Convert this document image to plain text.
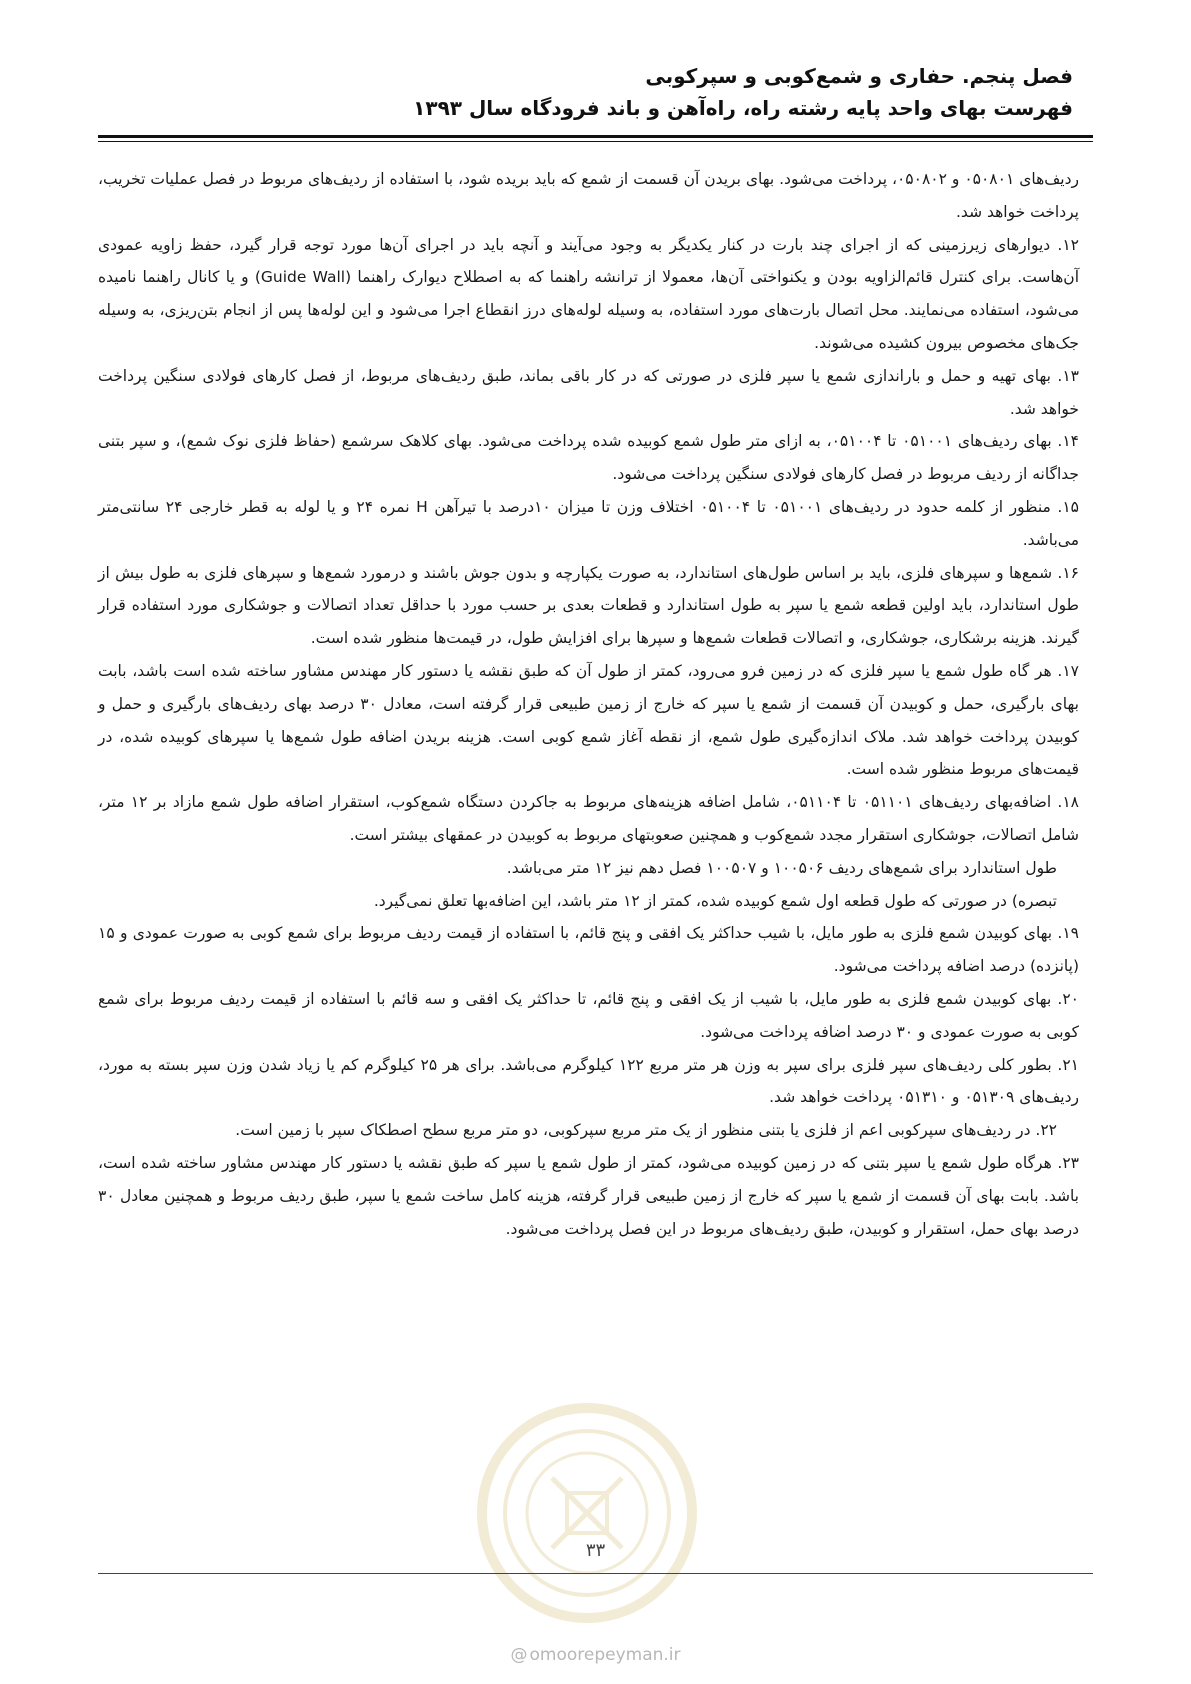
فصل پنجم. حفاری و شمع‌کوبی و سپرکوبی
فهرست بهای واحد پایه رشته راه، راه‌آهن و باند فرودگاه سال ۱۳۹۳

ردیف‌های ۰۵۰۸۰۱ و ۰۵۰۸۰۲، پرداخت می‌شود. بهای بریدن آن قسمت از شمع که باید بریده شود، با استفاده از ردیف‌های مربوط در فصل عملیات تخریب، پرداخت خواهد شد.

۱۲. دیوارهای زیرزمینی که از اجرای چند بارت در کنار یکدیگر به وجود می‌آیند و آنچه باید در اجرای آن‌ها مورد توجه قرار گیرد، حفظ زاویه عمودی آن‌هاست. برای کنترل قائم‌الزاویه بودن و یکنواختی آن‌ها، معمولا از ترانشه راهنما که به اصطلاح دیوارک راهنما (Guide Wall) و یا کانال راهنما نامیده می‌شود، استفاده می‌نمایند. محل اتصال بارت‌های مورد استفاده، به وسیله لوله‌های درز انقطاع اجرا می‌شود و این لوله‌ها پس از انجام بتن‌ریزی، به وسیله جک‌های مخصوص بیرون کشیده می‌شوند.

۱۳. بهای تهیه و حمل و باراندازی شمع یا سپر فلزی در صورتی که در کار باقی بماند، طبق ردیف‌های مربوط، از فصل کارهای فولادی سنگین پرداخت خواهد شد.

۱۴. بهای ردیف‌های ۰۵۱۰۰۱ تا ۰۵۱۰۰۴، به ازای متر طول شمع کوبیده شده پرداخت می‌شود. بهای کلاهک سرشمع (حفاظ فلزی نوک شمع)، و سپر بتنی جداگانه از ردیف مربوط در فصل کارهای فولادی سنگین پرداخت می‌شود.

۱۵. منظور از کلمه حدود در ردیف‌های ۰۵۱۰۰۱ تا ۰۵۱۰۰۴ اختلاف وزن تا میزان ۱۰درصد با تیرآهن H نمره ۲۴ و یا لوله به قطر خارجی ۲۴ سانتی‌متر می‌باشد.

۱۶. شمع‌ها و سپرهای فلزی، باید بر اساس طول‌های استاندارد، به صورت یکپارچه و بدون جوش باشند و درمورد شمع‌ها و سپرهای فلزی به طول بیش از طول استاندارد، باید اولین قطعه شمع یا سپر به طول استاندارد و قطعات بعدی بر حسب مورد با حداقل تعداد اتصالات و جوشکاری مورد استفاده قرار گیرند. هزینه برشکاری، جوشکاری، و اتصالات قطعات شمع‌ها و سپرها برای افزایش طول، در قیمت‌ها منظور شده است.

۱۷. هر گاه طول شمع یا سپر فلزی که در زمین فرو می‌رود، کمتر از طول آن که طبق نقشه یا دستور کار مهندس مشاور ساخته شده است باشد، بابت بهای بارگیری، حمل و کوبیدن آن قسمت از شمع یا سپر که خارج از زمین طبیعی قرار گرفته است، معادل ۳۰ درصد بهای ردیف‌های بارگیری و حمل و کوبیدن پرداخت خواهد شد. ملاک اندازه‌گیری طول شمع، از نقطه آغاز شمع کوبی است. هزینه بریدن اضافه طول شمع‌ها یا سپرهای کوبیده شده، در قیمت‌های مربوط منظور شده است.

۱۸. اضافه‌بهای ردیف‌های ۰۵۱۱۰۱ تا ۰۵۱۱۰۴، شامل اضافه هزینه‌های مربوط به جاکردن دستگاه شمع‌کوب، استقرار اضافه طول شمع مازاد بر ۱۲ متر، شامل اتصالات، جوشکاری استقرار مجدد شمع‌کوب و همچنین صعوبتهای مربوط به کوبیدن در عمقهای بیشتر است.

طول استاندارد برای شمع‌های ردیف ۱۰۰۵۰۶ و ۱۰۰۵۰۷ فصل دهم نیز ۱۲ متر می‌باشد.

تبصره) در صورتی که طول قطعه اول شمع کوبیده شده، کمتر از ۱۲ متر باشد، این اضافه‌بها تعلق نمی‌گیرد.

۱۹. بهای کوبیدن شمع فلزی به طور مایل، با شیب حداکثر یک افقی و پنج قائم، با استفاده از قیمت ردیف مربوط برای شمع کوبی به صورت عمودی و ۱۵ (پانزده) درصد اضافه پرداخت می‌شود.

۲۰. بهای کوبیدن شمع فلزی به طور مایل، با شیب از یک افقی و پنج قائم، تا حداکثر یک افقی و سه قائم با استفاده از قیمت ردیف مربوط برای شمع کوبی به صورت عمودی و ۳۰ درصد اضافه پرداخت می‌شود.

۲۱. بطور کلی ردیف‌های سپر فلزی برای سپر به وزن هر متر مربع ۱۲۲ کیلوگرم می‌باشد. برای هر ۲۵ کیلوگرم کم یا زیاد شدن وزن سپر بسته به مورد، ردیف‌های ۰۵۱۳۰۹ و ۰۵۱۳۱۰ پرداخت خواهد شد.

۲۲. در ردیف‌های سپرکوبی اعم از فلزی یا بتنی منظور از یک متر مربع سپرکوبی، دو متر مربع سطح اصطکاک سپر با زمین است.

۲۳. هرگاه طول شمع یا سپر بتنی که در زمین کوبیده می‌شود، کمتر از طول شمع یا سپر که طبق نقشه یا دستور کار مهندس مشاور ساخته شده است، باشد. بابت بهای آن قسمت از شمع یا سپر که خارج از زمین طبیعی قرار گرفته، هزینه کامل ساخت شمع یا سپر، طبق ردیف مربوط و همچنین معادل ۳۰ درصد بهای حمل، استقرار و کوبیدن، طبق ردیف‌های مربوط در این فصل پرداخت می‌شود.

۳۳
@ omoorepeyman.ir
